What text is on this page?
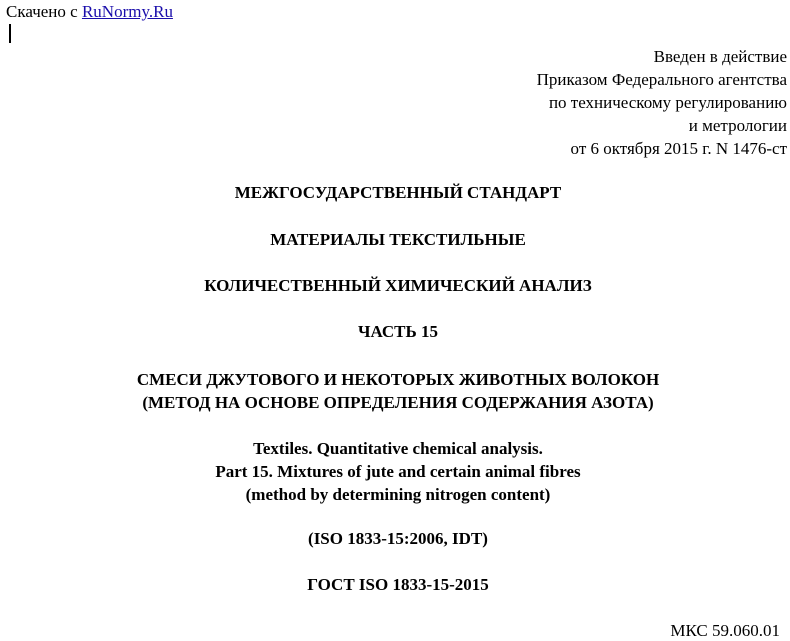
Скачено с RuNormy.Ru
Введен в действие
Приказом Федерального агентства
по техническому регулированию
и метрологии
от 6 октября 2015 г. N 1476-ст
МЕЖГОСУДАРСТВЕННЫЙ СТАНДАРТ
МАТЕРИАЛЫ ТЕКСТИЛЬНЫЕ
КОЛИЧЕСТВЕННЫЙ ХИМИЧЕСКИЙ АНАЛИЗ
ЧАСТЬ 15
СМЕСИ ДЖУТОВОГО И НЕКОТОРЫХ ЖИВОТНЫХ ВОЛОКОН
(МЕТОД НА ОСНОВЕ ОПРЕДЕЛЕНИЯ СОДЕРЖАНИЯ АЗОТА)
Textiles. Quantitative chemical analysis.
Part 15. Mixtures of jute and certain animal fibres
(method by determining nitrogen content)
(ISO 1833-15:2006, IDT)
ГОСТ ISO 1833-15-2015
МКС 59.060.01
